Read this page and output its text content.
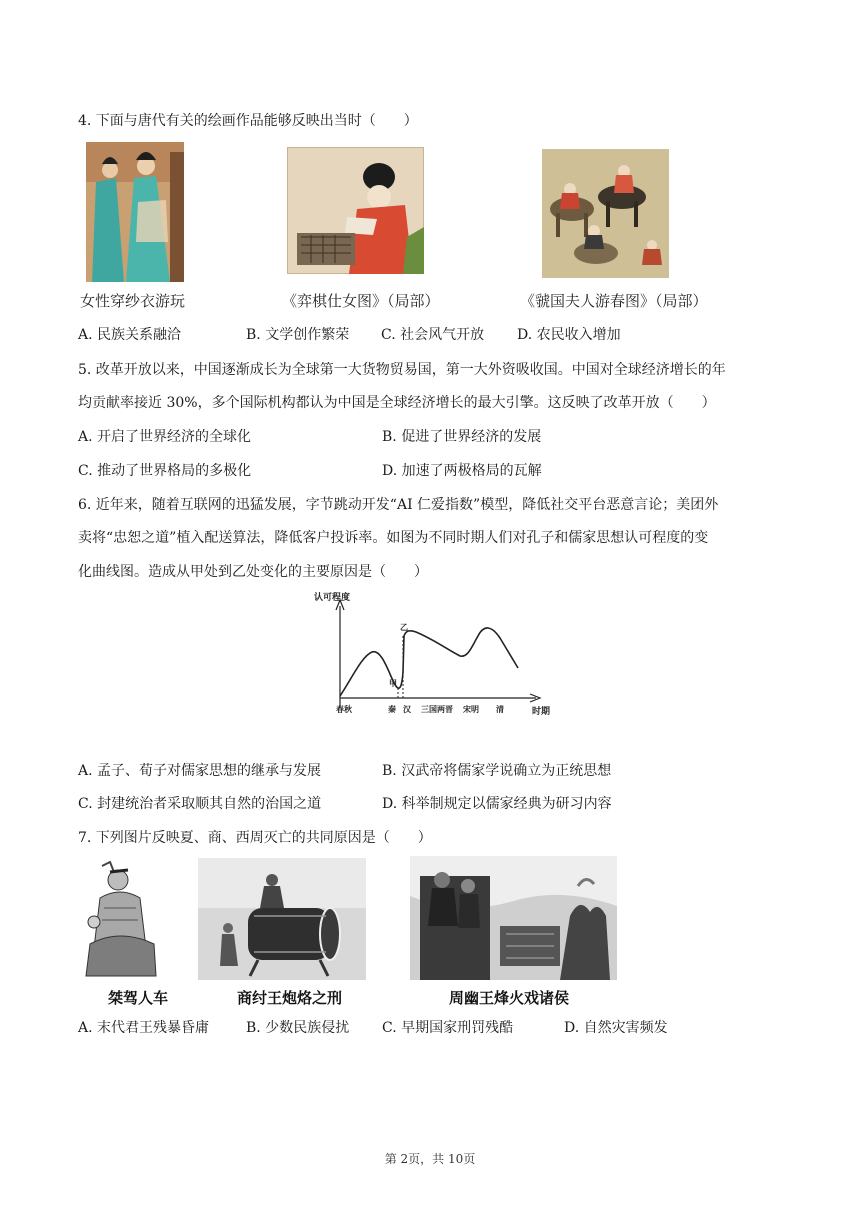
4. 下面与唐代有关的绘画作品能够反映出当时（　　）
女性穿纱衣游玩	《弈棋仕女图》（局部）	《虢国夫人游春图》（局部）
A. 民族关系融洽	B. 文学创作繁荣 C. 社会风气开放 D. 农民收入增加
5. 改革开放以来，中国逐渐成长为全球第一大货物贸易国，第一大外资吸收国。中国对全球经济增长的年
均贡献率接近 30%，多个国际机构都认为中国是全球经济增长的最大引擎。这反映了改革开放（　　）
A. 开启了世界经济的全球化	B. 促进了世界经济的发展
C. 推动了世界格局的多极化	D. 加速了两极格局的瓦解
6. 近年来，随着互联网的迅猛发展，字节跳动开发“AI 仁爱指数”模型，降低社交平台恶意言论；美团外
卖将“忠恕之道”植入配送算法，降低客户投诉率。如图为不同时期人们对孔子和儒家思想认可程度的变
化曲线图。造成从甲处到乙处变化的主要原因是（　　）
认可程度
时期
甲
乙
春秋	秦 汉 三国两晋 宋明 清
A. 孟子、荀子对儒家思想的继承与发展	B. 汉武帝将儒家学说确立为正统思想
C. 封建统治者采取顺其自然的治国之道	D. 科举制规定以儒家经典为研习内容
7. 下列图片反映夏、商、西周灭亡的共同原因是（　　）
桀驾人车	商纣王炮烙之刑	周幽王烽火戏诸侯
A. 末代君王残暴昏庸	B. 少数民族侵扰 C. 早期国家刑罚残酷	D. 自然灾害频发
第 2页，共 10页
